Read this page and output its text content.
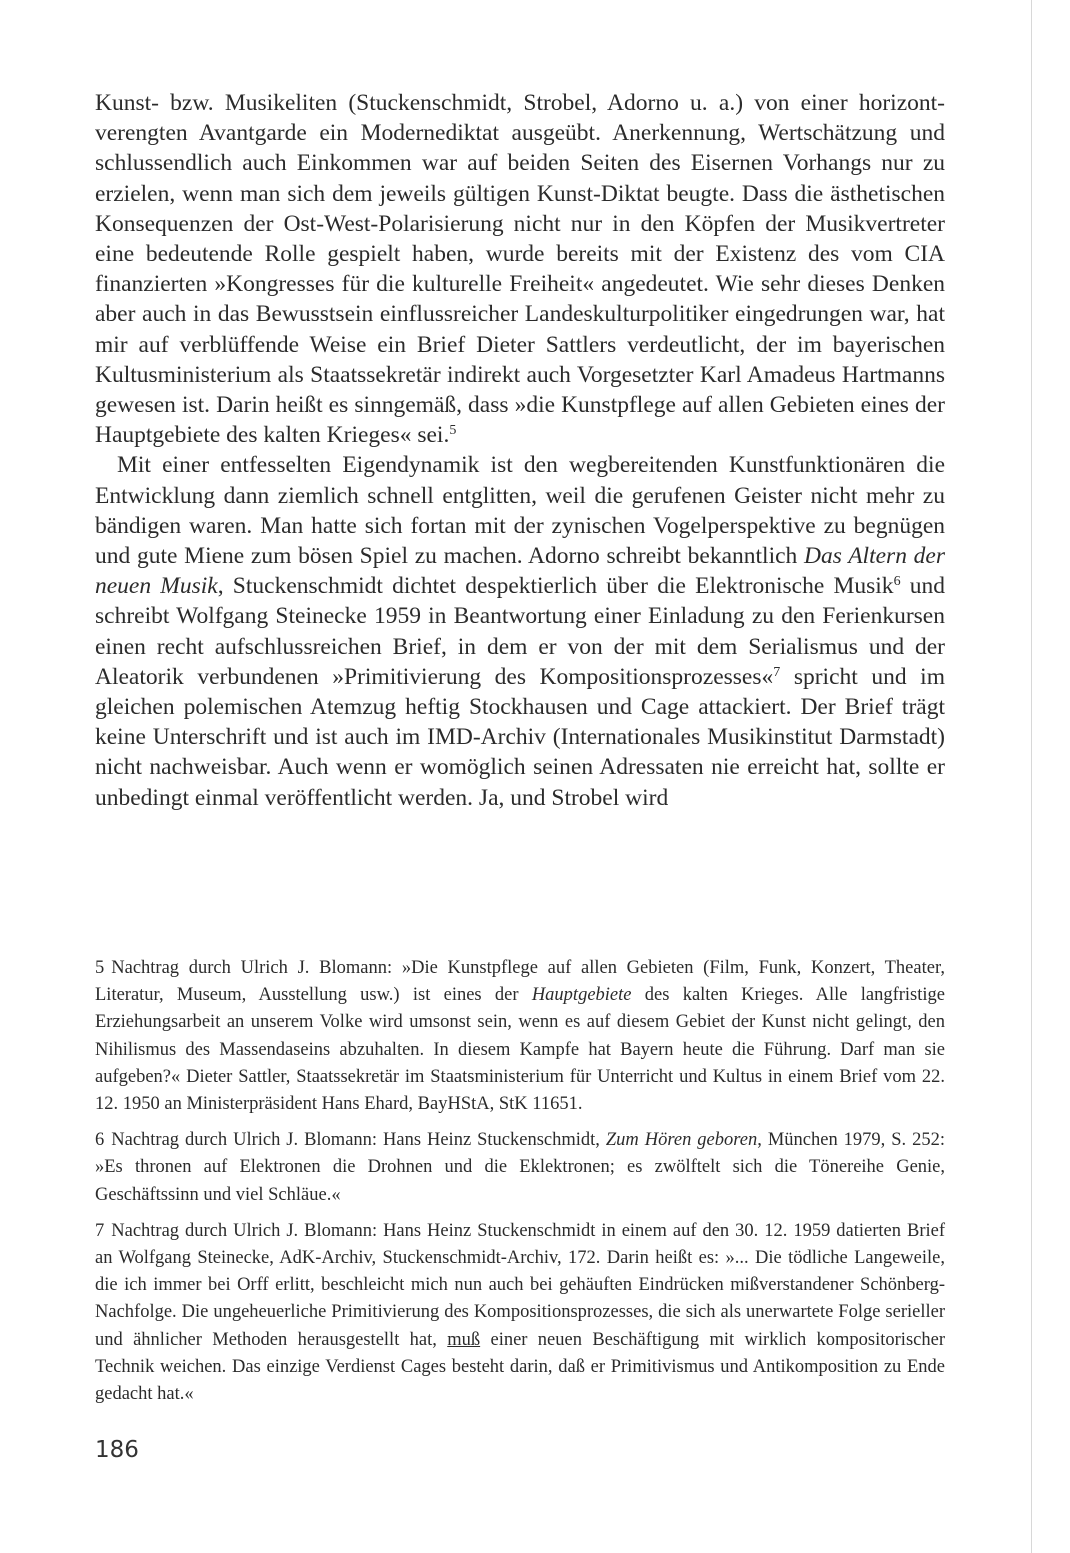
Kunst- bzw. Musikeliten (Stuckenschmidt, Strobel, Adorno u. a.) von einer horizontverengten Avantgarde ein Modernediktat ausgeübt. Anerkennung, Wertschätzung und schlussendlich auch Einkommen war auf beiden Seiten des Eisernen Vorhangs nur zu erzielen, wenn man sich dem jeweils gültigen Kunst-Diktat beugte. Dass die ästhetischen Konsequenzen der Ost-West-Polarisierung nicht nur in den Köpfen der Musikvertreter eine bedeutende Rolle gespielt haben, wurde bereits mit der Existenz des vom CIA finanzierten »Kongresses für die kulturelle Freiheit« angedeutet. Wie sehr dieses Denken aber auch in das Bewusstsein einflussreicher Landeskulturpolitiker eingedrungen war, hat mir auf verblüffende Weise ein Brief Dieter Sattlers verdeutlicht, der im bayerischen Kultusministerium als Staatssekretär indirekt auch Vorgesetzter Karl Amadeus Hartmanns gewesen ist. Darin heißt es sinngemäß, dass »die Kunstpflege auf allen Gebieten eines der Hauptgebiete des kalten Krieges« sei.$^5$

Mit einer entfesselten Eigendynamik ist den wegbereitenden Kunstfunktionären die Entwicklung dann ziemlich schnell entglitten, weil die gerufenen Geister nicht mehr zu bändigen waren. Man hatte sich fortan mit der zynischen Vogelperspektive zu begnügen und gute Miene zum bösen Spiel zu machen. Adorno schreibt bekanntlich Das Altern der neuen Musik, Stuckenschmidt dichtet despektierlich über die Elektronische Musik$^6$ und schreibt Wolfgang Steinecke 1959 in Beantwortung einer Einladung zu den Ferienkursen einen recht aufschlussreichen Brief, in dem er von der mit dem Serialismus und der Aleatorik verbundenen »Primitivierung des Kompositionsprozesses«$^7$ spricht und im gleichen polemischen Atemzug heftig Stockhausen und Cage attackiert. Der Brief trägt keine Unterschrift und ist auch im IMD-Archiv (Internationales Musikinstitut Darmstadt) nicht nachweisbar. Auch wenn er womöglich seinen Adressaten nie erreicht hat, sollte er unbedingt einmal veröffentlicht werden. Ja, und Strobel wird

5 Nachtrag durch Ulrich J. Blomann: »Die Kunstpflege auf allen Gebieten (Film, Funk, Konzert, Theater, Literatur, Museum, Ausstellung usw.) ist eines der Hauptgebiete des kalten Krieges. Alle langfristige Erziehungsarbeit an unserem Volke wird umsonst sein, wenn es auf diesem Gebiet der Kunst nicht gelingt, den Nihilismus des Massendaseins abzuhalten. In diesem Kampfe hat Bayern heute die Führung. Darf man sie aufgeben?« Dieter Sattler, Staatssekretär im Staatsministerium für Unterricht und Kultus in einem Brief vom 22. 12. 1950 an Ministerpräsident Hans Ehard, BayHStA, StK 11651.

6 Nachtrag durch Ulrich J. Blomann: Hans Heinz Stuckenschmidt, Zum Hören geboren, München 1979, S. 252: »Es thronen auf Elektronen die Drohnen und die Eklektronen; es zwölftelt sich die Tönereihe Genie, Geschäftssinn und viel Schläue.«

7 Nachtrag durch Ulrich J. Blomann: Hans Heinz Stuckenschmidt in einem auf den 30. 12. 1959 datierten Brief an Wolfgang Steinecke, AdK-Archiv, Stuckenschmidt-Archiv, 172. Darin heißt es: »... Die tödliche Langeweile, die ich immer bei Orff erlitt, beschleicht mich nun auch bei gehäuften Eindrücken mißverstandener Schönberg-Nachfolge. Die ungeheuerliche Primitivierung des Kompositionsprozesses, die sich als unerwartete Folge serieller und ähnlicher Methoden herausgestellt hat, muß einer neuen Beschäftigung mit wirklich kompositorischer Technik weichen. Das einzige Verdienst Cages besteht darin, daß er Primitivismus und Antikomposition zu Ende gedacht hat.«

186
